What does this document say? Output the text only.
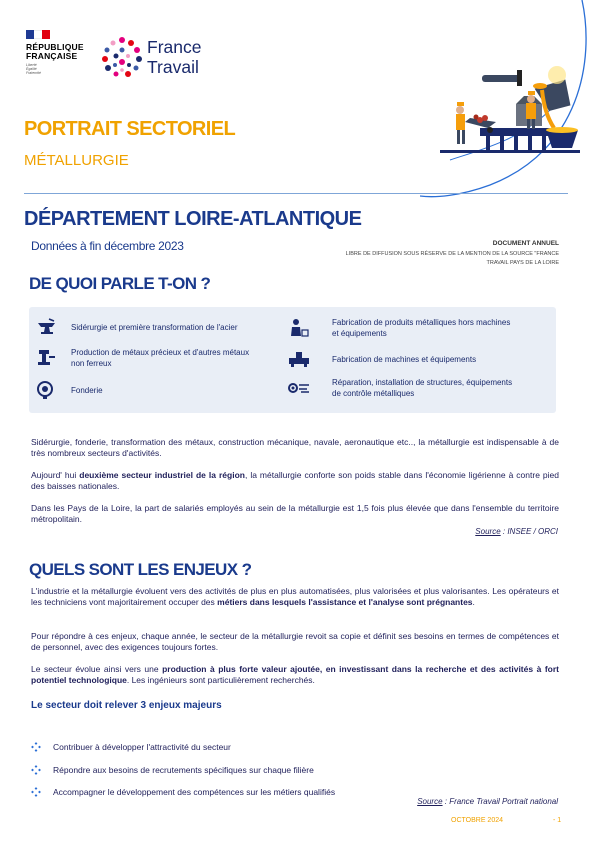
RÉPUBLIQUE
FRANÇAISE
Liberté
Égalité
Fraternité
France
Travail
PORTRAIT SECTORIEL
MÉTALLURGIE
DÉPARTEMENT LOIRE-ATLANTIQUE
Données à fin décembre 2023	DOCUMENT ANNUEL
LIBRE DE DIFFUSION SOUS RÉSERVE DE LA MENTION DE LA SOURCE "FRANCE TRAVAIL PAYS DE LA LOIRE
DE QUOI PARLE T-ON ?
Sidérurgie et première transformation de l'acier
Production de métaux précieux et d'autres métaux non ferreux
Fonderie
Fabrication de produits métalliques hors machines et équipements
Fabrication de machines et équipements
Réparation, installation de structures, équipements de contrôle métalliques
Sidérurgie, fonderie, transformation des métaux, construction mécanique, navale, aeronautique etc.., la métallurgie est indispensable à de très nombreux secteurs d'activités.
Aujourd' hui deuxième secteur industriel de la région, la métallurgie conforte son poids stable dans l'économie ligérienne à contre pied des baisses nationales.
Dans les Pays de la Loire, la part de salariés employés au sein de la métallurgie est 1,5 fois plus élevée que dans l'ensemble du territoire métropolitain.
Source : INSEE / ORCI
QUELS SONT LES ENJEUX ?
L'industrie et la métallurgie évoluent vers des activités de plus en plus automatisées, plus valorisées et plus valorisantes. Les opérateurs et les techniciens vont majoritairement occuper des métiers dans lesquels l'assistance et l'analyse sont prégnantes.
Pour répondre à ces enjeux, chaque année, le secteur de la métallurgie revoit sa copie et définit ses besoins en termes de compétences et de personnel, avec des exigences toujours fortes.
Le secteur évolue ainsi vers une production à plus forte valeur ajoutée, en investissant dans la recherche et des activités à fort potentiel technologique. Les ingénieurs sont particulièrement recherchés.
Le secteur doit relever 3 enjeux majeurs
Contribuer à développer l'attractivité du secteur
Répondre aux besoins de recrutements spécifiques sur chaque filière
Accompagner le développement des compétences sur les métiers qualifiés
Source : France Travail Portrait national
OCTOBRE 2024	- 1
